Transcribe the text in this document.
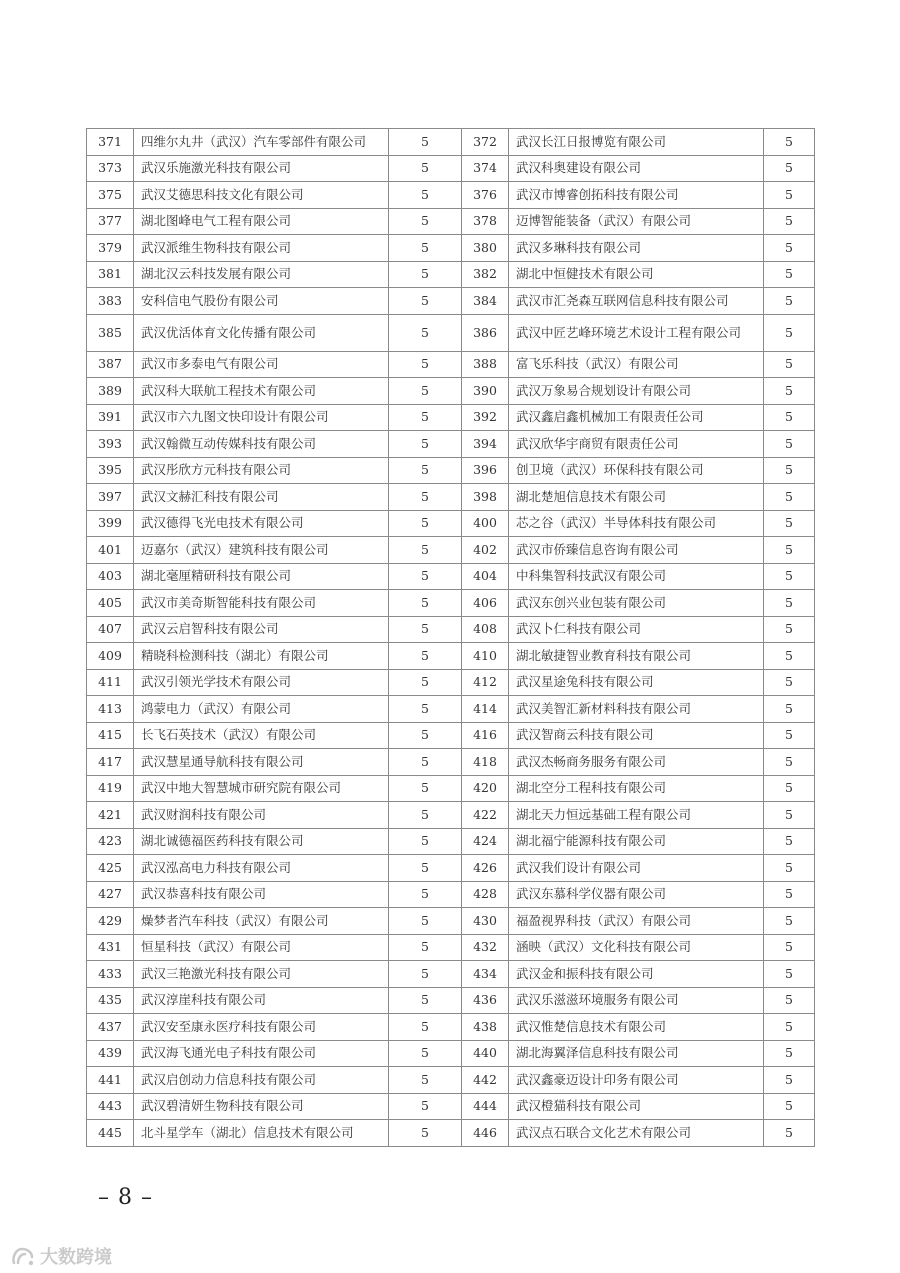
371	四维尔丸井（武汉）汽车零部件有限公司	5	372	武汉长江日报博览有限公司	5
373	武汉乐施激光科技有限公司	5	374	武汉科奥建设有限公司	5
375	武汉艾德思科技文化有限公司	5	376	武汉市博睿创拓科技有限公司	5
377	湖北图峰电气工程有限公司	5	378	迈博智能装备（武汉）有限公司	5
379	武汉派维生物科技有限公司	5	380	武汉多琳科技有限公司	5
381	湖北汉云科技发展有限公司	5	382	湖北中恒健技术有限公司	5
383	安科信电气股份有限公司	5	384	武汉市汇尧森互联网信息科技有限公司	5
385	武汉优活体育文化传播有限公司	5	386	武汉中匠艺峰环境艺术设计工程有限公司	5
387	武汉市多泰电气有限公司	5	388	富飞乐科技（武汉）有限公司	5
389	武汉科大联航工程技术有限公司	5	390	武汉万象易合规划设计有限公司	5
391	武汉市六九图文快印设计有限公司	5	392	武汉鑫启鑫机械加工有限责任公司	5
393	武汉翰微互动传媒科技有限公司	5	394	武汉欣华宇商贸有限责任公司	5
395	武汉彤欣方元科技有限公司	5	396	创卫境（武汉）环保科技有限公司	5
397	武汉文赫汇科技有限公司	5	398	湖北楚旭信息技术有限公司	5
399	武汉德得飞光电技术有限公司	5	400	芯之谷（武汉）半导体科技有限公司	5
401	迈嘉尔（武汉）建筑科技有限公司	5	402	武汉市侨臻信息咨询有限公司	5
403	湖北毫厘精研科技有限公司	5	404	中科集智科技武汉有限公司	5
405	武汉市美奇斯智能科技有限公司	5	406	武汉东创兴业包装有限公司	5
407	武汉云启智科技有限公司	5	408	武汉卜仁科技有限公司	5
409	精晓科检测科技（湖北）有限公司	5	410	湖北敏捷智业教育科技有限公司	5
411	武汉引领光学技术有限公司	5	412	武汉星途兔科技有限公司	5
413	鸿蒙电力（武汉）有限公司	5	414	武汉美智汇新材料科技有限公司	5
415	长飞石英技术（武汉）有限公司	5	416	武汉智商云科技有限公司	5
417	武汉慧星通导航科技有限公司	5	418	武汉杰畅商务服务有限公司	5
419	武汉中地大智慧城市研究院有限公司	5	420	湖北空分工程科技有限公司	5
421	武汉财润科技有限公司	5	422	湖北天力恒远基础工程有限公司	5
423	湖北诚德福医药科技有限公司	5	424	湖北福宁能源科技有限公司	5
425	武汉泓高电力科技有限公司	5	426	武汉我们设计有限公司	5
427	武汉恭喜科技有限公司	5	428	武汉东慕科学仪器有限公司	5
429	燥梦者汽车科技（武汉）有限公司	5	430	福盈视界科技（武汉）有限公司	5
431	恒星科技（武汉）有限公司	5	432	涵映（武汉）文化科技有限公司	5
433	武汉三艳激光科技有限公司	5	434	武汉金和振科技有限公司	5
435	武汉淳崖科技有限公司	5	436	武汉乐滋滋环境服务有限公司	5
437	武汉安至康永医疗科技有限公司	5	438	武汉惟楚信息技术有限公司	5
439	武汉海飞通光电子科技有限公司	5	440	湖北海翼泽信息科技有限公司	5
441	武汉启创动力信息科技有限公司	5	442	武汉鑫豪迈设计印务有限公司	5
443	武汉碧清妍生物科技有限公司	5	444	武汉橙猫科技有限公司	5
445	北斗星学车（湖北）信息技术有限公司	5	446	武汉点石联合文化艺术有限公司	5
– 8 –
大数跨境
